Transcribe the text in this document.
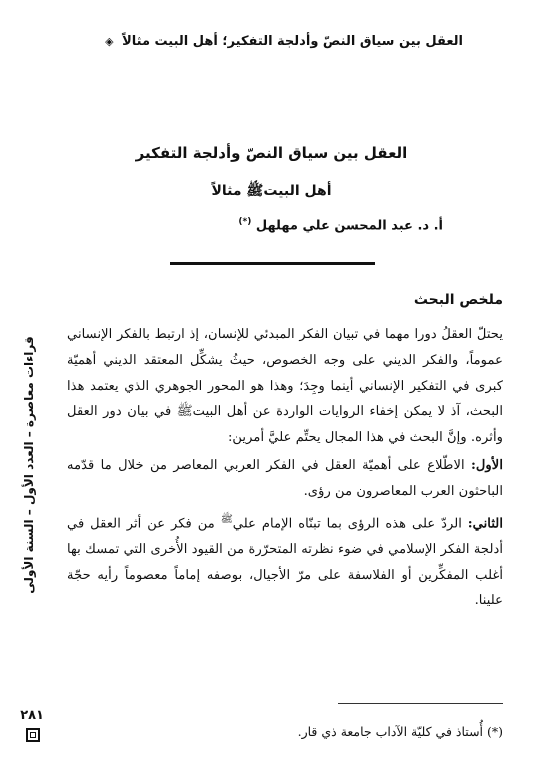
العقل بين سياق النصّ وأدلجة التفكير؛ أهل البيت مثالاً ◈
العقل بين سياق النصّ وأدلجة التفكير
أهل البيتﷺ مثالاً
أ. د. عبد المحسن علي مهلهل (*)
ملخص البحث

يحتلّ العقلُ دورا مهما في تبيان الفكر المبدئي للإنسان، إذ ارتبط بالفكر الإنساني عموماً، والفكر الديني على وجه الخصوص، حيثُ يشكِّل المعتقد الديني أهميّة كبرى في التفكير الإنساني أينما وجِدَ؛ وهذا هو المحور الجوهري الذي يعتمد هذا البحث، آذ لا يمكن إخفاء الروايات الواردة عن أهل البيتﷺ في بيان دور العقل وأثره. وإنَّ البحث في هذا المجال يحتِّم عليَّ أمرين:

الأول: الاطّلاع على أهميّة العقل في الفكر العربي المعاصر من خلال ما قدّمه الباحثون العرب المعاصرون من رؤى.

الثاني: الردّ على هذه الرؤى بما تبنّاه الإمام علي$^ﷺ$ من فكر عن أثر العقل في أدلجة الفكر الإسلامي في ضوء نظرته المتحرّرة من القيود الأُخرى التي تمسك بها أغلب المفكِّرين أو الفلاسفة على مرّ الأجيال، بوصفه إماماً معصوماً رأيه حجّة علينا.

(*) أُستاذ في كليّة الآداب جامعة ذي قار.
قراءات معاصرة – العدد الأول – السنة الأولى
٢٨١
